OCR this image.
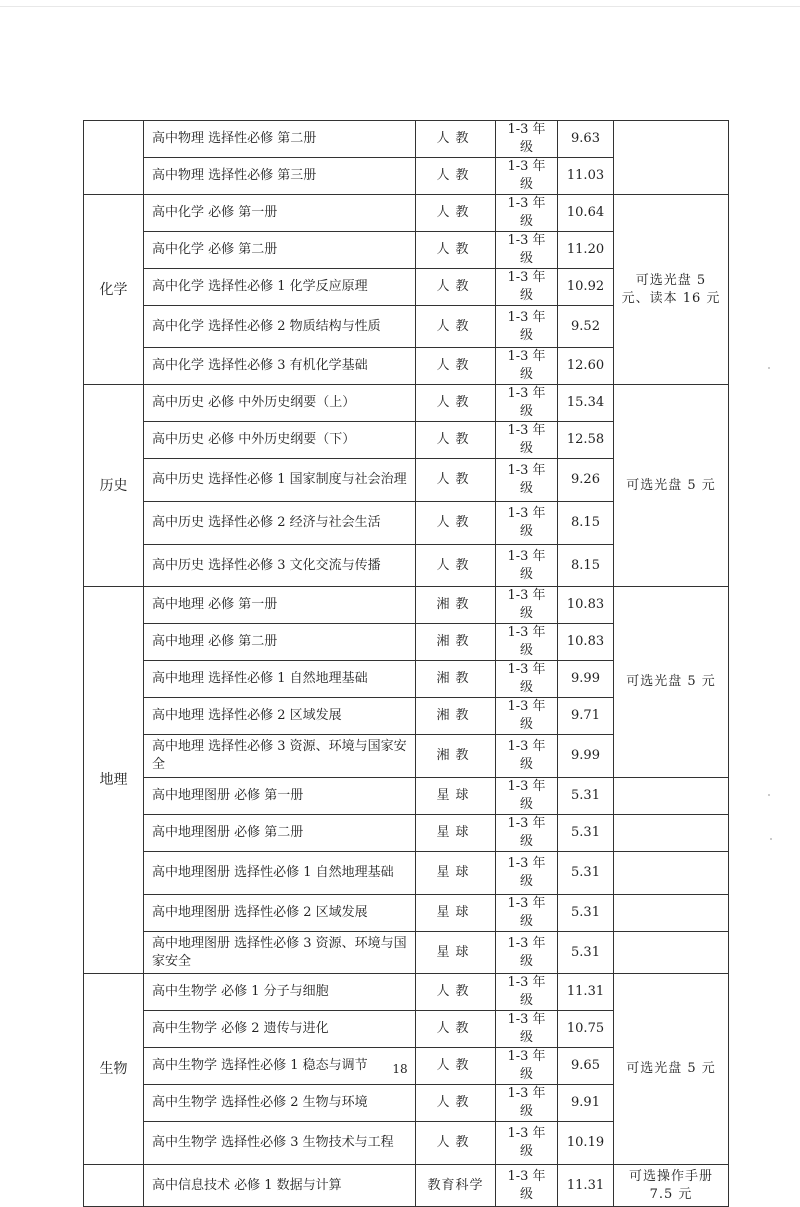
	高中物理 选择性必修 第二册	人教	1-3 年级	9.63	
	高中物理 选择性必修 第三册	人教	1-3 年级	11.03	
化学	高中化学 必修 第一册	人教	1-3 年级	10.64	可选光盘 5 元、读本 16 元
	高中化学 必修 第二册	人教	1-3 年级	11.20	
	高中化学 选择性必修 1 化学反应原理	人教	1-3 年级	10.92	
	高中化学 选择性必修 2 物质结构与性质	人教	1-3 年级	9.52	
	高中化学 选择性必修 3 有机化学基础	人教	1-3 年级	12.60	
历史	高中历史 必修 中外历史纲要（上）	人教	1-3 年级	15.34	可选光盘 5 元
	高中历史 必修 中外历史纲要（下）	人教	1-3 年级	12.58	
	高中历史 选择性必修 1 国家制度与社会治理	人教	1-3 年级	9.26	
	高中历史 选择性必修 2 经济与社会生活	人教	1-3 年级	8.15	
	高中历史 选择性必修 3 文化交流与传播	人教	1-3 年级	8.15	
地理	高中地理 必修 第一册	湘教	1-3 年级	10.83	可选光盘 5 元
	高中地理 必修 第二册	湘教	1-3 年级	10.83	
	高中地理 选择性必修 1 自然地理基础	湘教	1-3 年级	9.99	
	高中地理 选择性必修 2 区域发展	湘教	1-3 年级	9.71	
	高中地理 选择性必修 3 资源、环境与国家安全	湘教	1-3 年级	9.99	
	高中地理图册 必修 第一册	星球	1-3 年级	5.31	
	高中地理图册 必修 第二册	星球	1-3 年级	5.31	
	高中地理图册 选择性必修 1 自然地理基础	星球	1-3 年级	5.31	
	高中地理图册 选择性必修 2 区域发展	星球	1-3 年级	5.31	
	高中地理图册 选择性必修 3 资源、环境与国家安全	星球	1-3 年级	5.31	
生物	高中生物学 必修 1 分子与细胞	人教	1-3 年级	11.31	可选光盘 5 元
	高中生物学 必修 2 遗传与进化	人教	1-3 年级	10.75	
	高中生物学 选择性必修 1 稳态与调节	人教	1-3 年级	9.65	
	高中生物学 选择性必修 2 生物与环境	人教	1-3 年级	9.91	
	高中生物学 选择性必修 3 生物技术与工程	人教	1-3 年级	10.19	
	高中信息技术 必修 1 数据与计算	教育科学	1-3 年级	11.31	可选操作手册 7.5 元
18
